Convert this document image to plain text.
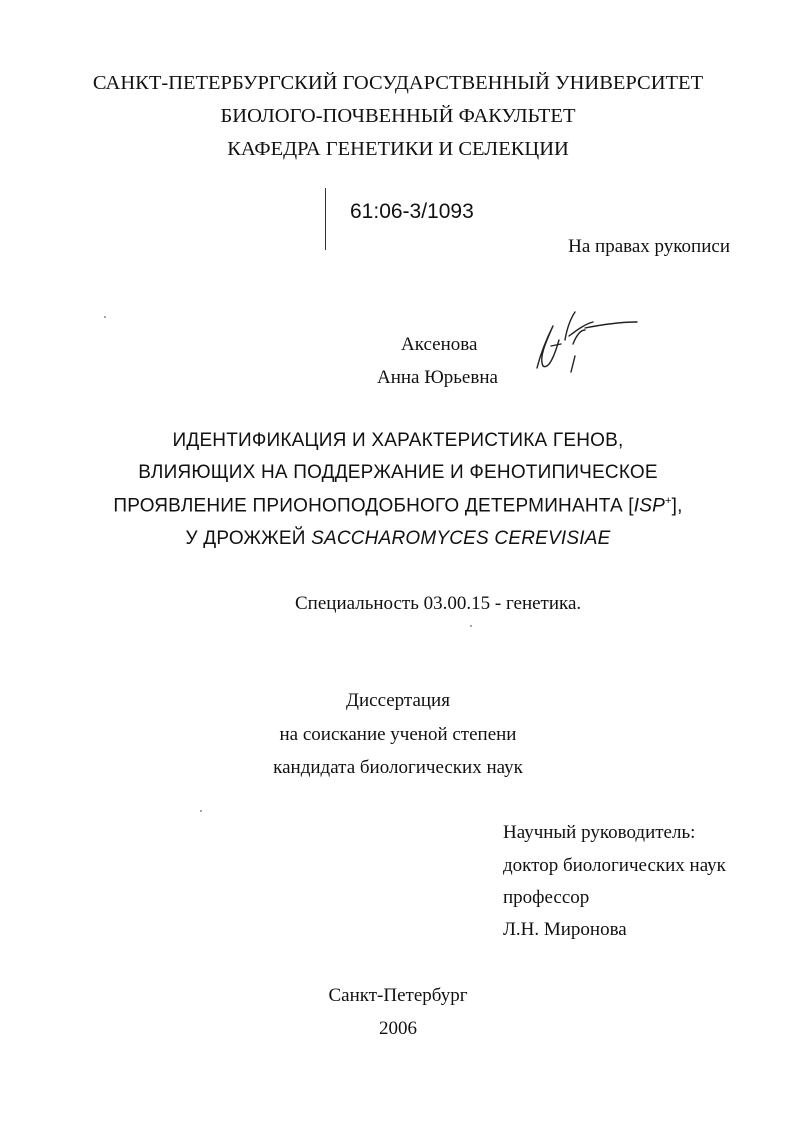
САНКТ-ПЕТЕРБУРГСКИЙ ГОСУДАРСТВЕННЫЙ УНИВЕРСИТЕТ
БИОЛОГО-ПОЧВЕННЫЙ ФАКУЛЬТЕТ
КАФЕДРА ГЕНЕТИКИ И СЕЛЕКЦИИ
61:06-3/1093
На правах рукописи
Аксенова
Анна Юрьевна
ИДЕНТИФИКАЦИЯ И ХАРАКТЕРИСТИКА ГЕНОВ,
ВЛИЯЮЩИХ НА ПОДДЕРЖАНИЕ И ФЕНОТИПИЧЕСКОЕ
ПРОЯВЛЕНИЕ ПРИОНОПОДОБНОГО ДЕТЕРМИНАНТА [ISP+],
У ДРОЖЖЕЙ SACCHAROMYCES CEREVISIAE
Специальность 03.00.15 - генетика.
Диссертация
на соискание ученой степени
кандидата биологических наук
Научный руководитель:
доктор биологических наук
профессор
Л.Н. Миронова
Санкт-Петербург
2006
